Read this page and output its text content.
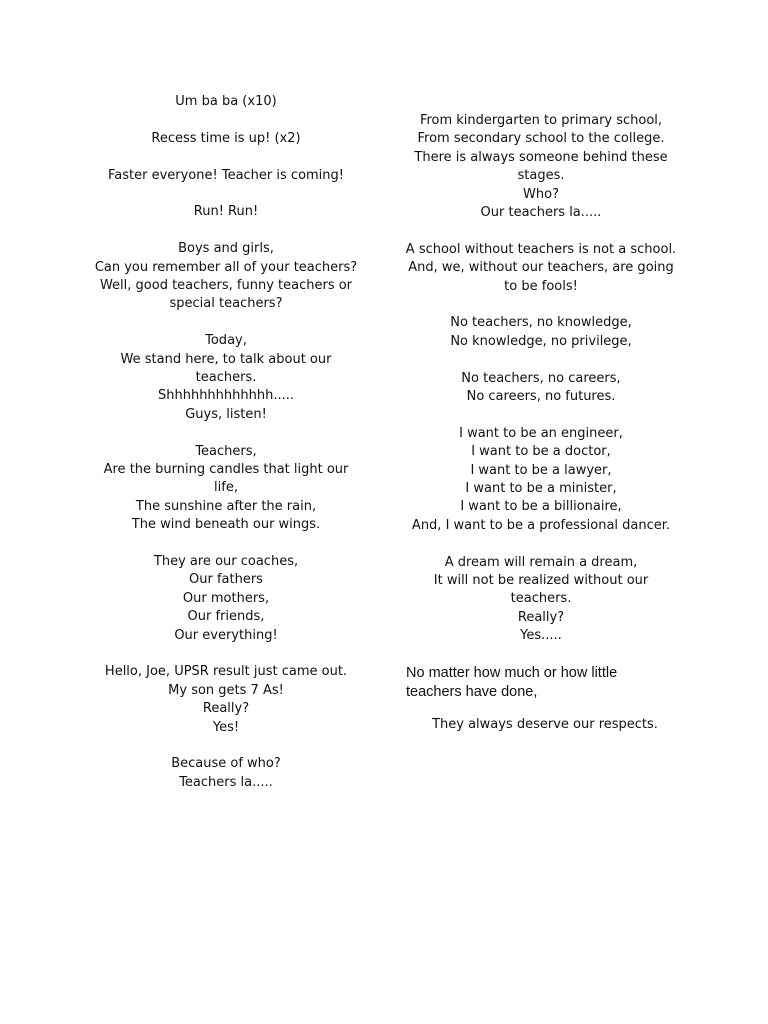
Um ba ba (x10)
Recess time is up! (x2)
Faster everyone! Teacher is coming!
Run! Run!
Boys and girls,
Can you remember all of your teachers?
Well, good teachers, funny teachers or special teachers?
Today,
We stand here, to talk about our teachers.
Shhhhhhhhhhhhh.....
Guys, listen!
Teachers,
Are the burning candles that light our life,
The sunshine after the rain,
The wind beneath our wings.
They are our coaches,
Our fathers
Our mothers,
Our friends,
Our everything!
Hello, Joe, UPSR result just came out.
My son gets 7 As!
Really?
Yes!
Because of who?
Teachers la.....
From kindergarten to primary school,
From secondary school to the college.
There is always someone behind these stages.
Who?
Our teachers la.....
A school without teachers is not a school.
And, we, without our teachers, are going to be fools!
No teachers, no knowledge,
No knowledge, no privilege,
No teachers, no careers,
No careers, no futures.
I want to be an engineer,
I want to be a doctor,
I want to be a lawyer,
I want to be a minister,
I want to be a billionaire,
And, I want to be a professional dancer.
A dream will remain a dream,
It will not be realized without our teachers.
Really?
Yes.....
No matter how much or how little teachers have done,
They always deserve our respects.
